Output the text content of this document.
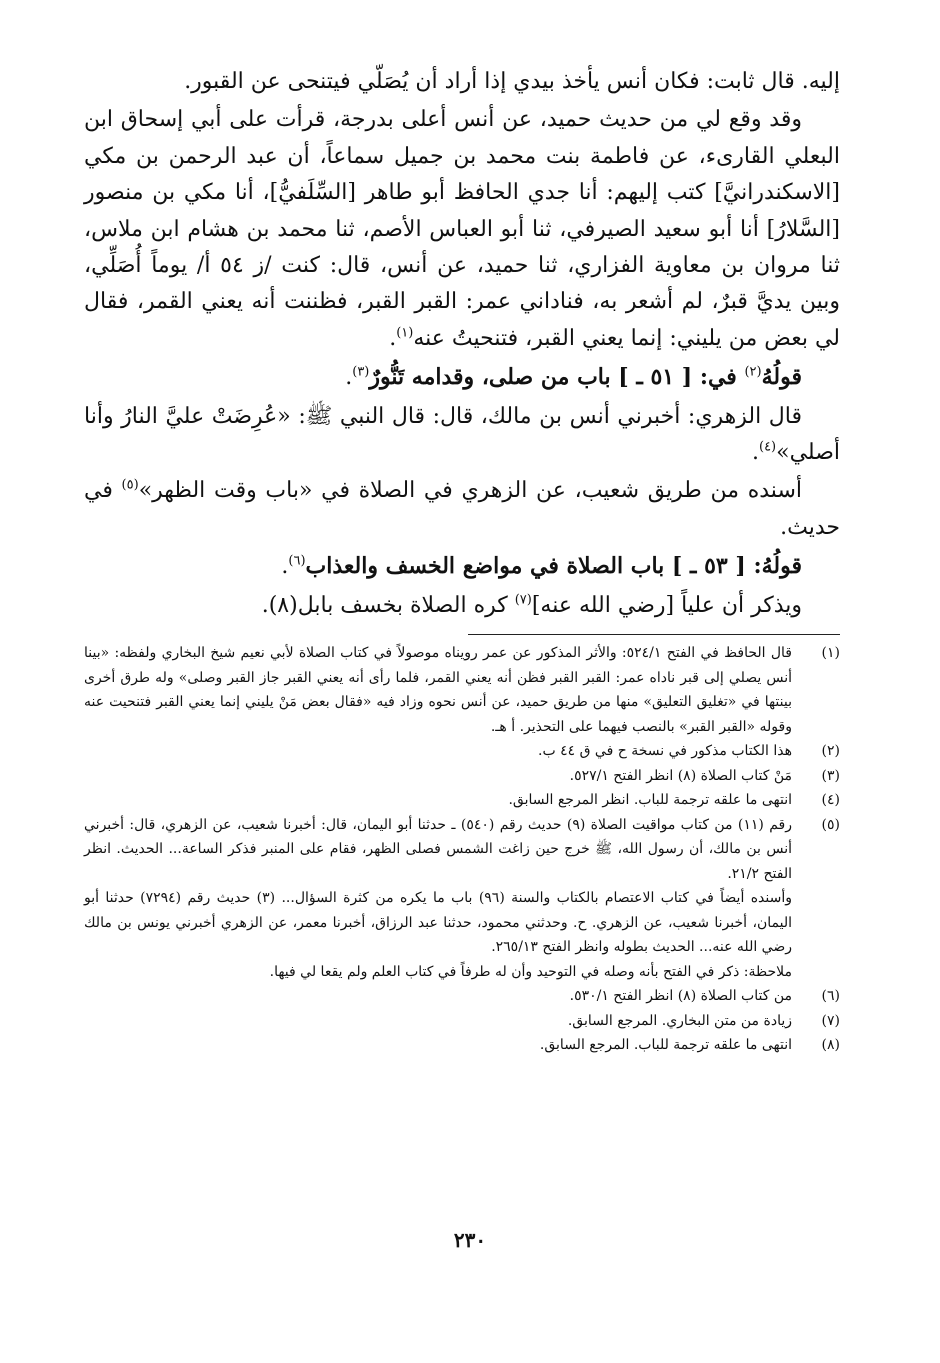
إليه. قال ثابت: فكان أنس يأخذ بيدي إذا أراد أن يُصَلّي فيتنحى عن القبور.

وقد وقع لي من حديث حميد، عن أنس أعلى بدرجة، قرأت على أبي إسحاق ابن البعلي القارىء، عن فاطمة بنت محمد بن جميل سماعاً، أن عبد الرحمن بن مكي [الاسكندرانيَّ] كتب إليهم: أنا جدي الحافظ أبو طاهر [السِّلَفيُّ]، أنا مكي بن منصور [السَّلارُ] أنا أبو سعيد الصيرفي، ثنا أبو العباس الأصم، ثنا محمد بن هشام ابن ملاس، ثنا مروان بن معاوية الفزاري، ثنا حميد، عن أنس، قال: كنت /ز ٥٤ أ/ يوماً أُصَلِّي، وبين يديَّ قبرٌ، لم أشعر به، فناداني عمر: القبر القبر، فظننت أنه يعني القمر، فقال لي بعض من يليني: إنما يعني القبر، فتنحيتُ عنه$^{(١)}$.

قولُهُ$^{(٢)}$ في: [ ٥١ ـ ] باب من صلى، وقدامه تَنُّورٌ$^{(٣)}$.

قال الزهري: أخبرني أنس بن مالك، قال: قال النبي ﷺ: «عُرِضَتْ عليَّ النارُ وأنا أصلي»$^{(٤)}$.

أسنده من طريق شعيب، عن الزهري في الصلاة في «باب وقت الظهر»$^{(٥)}$ في حديث.

قولُهُ: [ ٥٣ ـ ] باب الصلاة في مواضع الخسف والعذاب$^{(٦)}$.

ويذكر أن علياً [رضي الله عنه]$^{(٧)}$ كره الصلاة بخسف بابل(٨).

(١)
قال الحافظ في الفتح ٥٢٤/١: والأثر المذكور عن عمر رويناه موصولاً في كتاب الصلاة لأبي نعيم شيخ البخاري ولفظه: «بينا أنس يصلي إلى قبر ناداه عمر: القبر القبر فظن أنه يعني القمر، فلما رأى أنه يعني القبر جاز القبر وصلى» وله طرق أخرى بينتها في «تغليق التعليق» منها من طريق حميد، عن أنس نحوه وزاد فيه «فقال بعض مَنْ يليني إنما يعني القبر فتنحيت عنه وقوله «القبر القبر» بالنصب فيهما على التحذير. أ هـ.
(٢)
هذا الكتاب مذكور في نسخة ح في ق ٤٤ ب.
(٣)
مَنْ كتاب الصلاة (٨) انظر الفتح ٥٢٧/١.
(٤)
انتهى ما علقه ترجمة للباب. انظر المرجع السابق.
(٥)
رقم (١١) من كتاب مواقيت الصلاة (٩) حديث رقم (٥٤٠) ـ حدثنا أبو اليمان، قال: أخبرنا شعيب، عن الزهري، قال: أخبرني أنس بن مالك، أن رسول الله، ﷺ خرج حين زاغت الشمس فصلى الظهر، فقام على المنبر فذكر الساعة... الحديث. انظر الفتح ٢١/٢.
وأسنده أيضاً في كتاب الاعتصام بالكتاب والسنة (٩٦) باب ما يكره من كثرة السؤال... (٣) حديث رقم (٧٢٩٤) حدثنا أبو اليمان، أخبرنا شعيب، عن الزهري. ح. وحدثني محمود، حدثنا عبد الرزاق، أخبرنا معمر، عن الزهري أخبرني يونس بن مالك رضي الله عنه... الحديث بطوله وانظر الفتح ٢٦٥/١٣.
ملاحظة: ذكر في الفتح بأنه وصله في التوحيد وأن له طرفاً في كتاب العلم ولم يقعا لي فيها.
(٦)
من كتاب الصلاة (٨) انظر الفتح ٥٣٠/١.
(٧)
زيادة من متن البخاري. المرجع السابق.
(٨)
انتهى ما علقه ترجمة للباب. المرجع السابق.
٢٣٠
